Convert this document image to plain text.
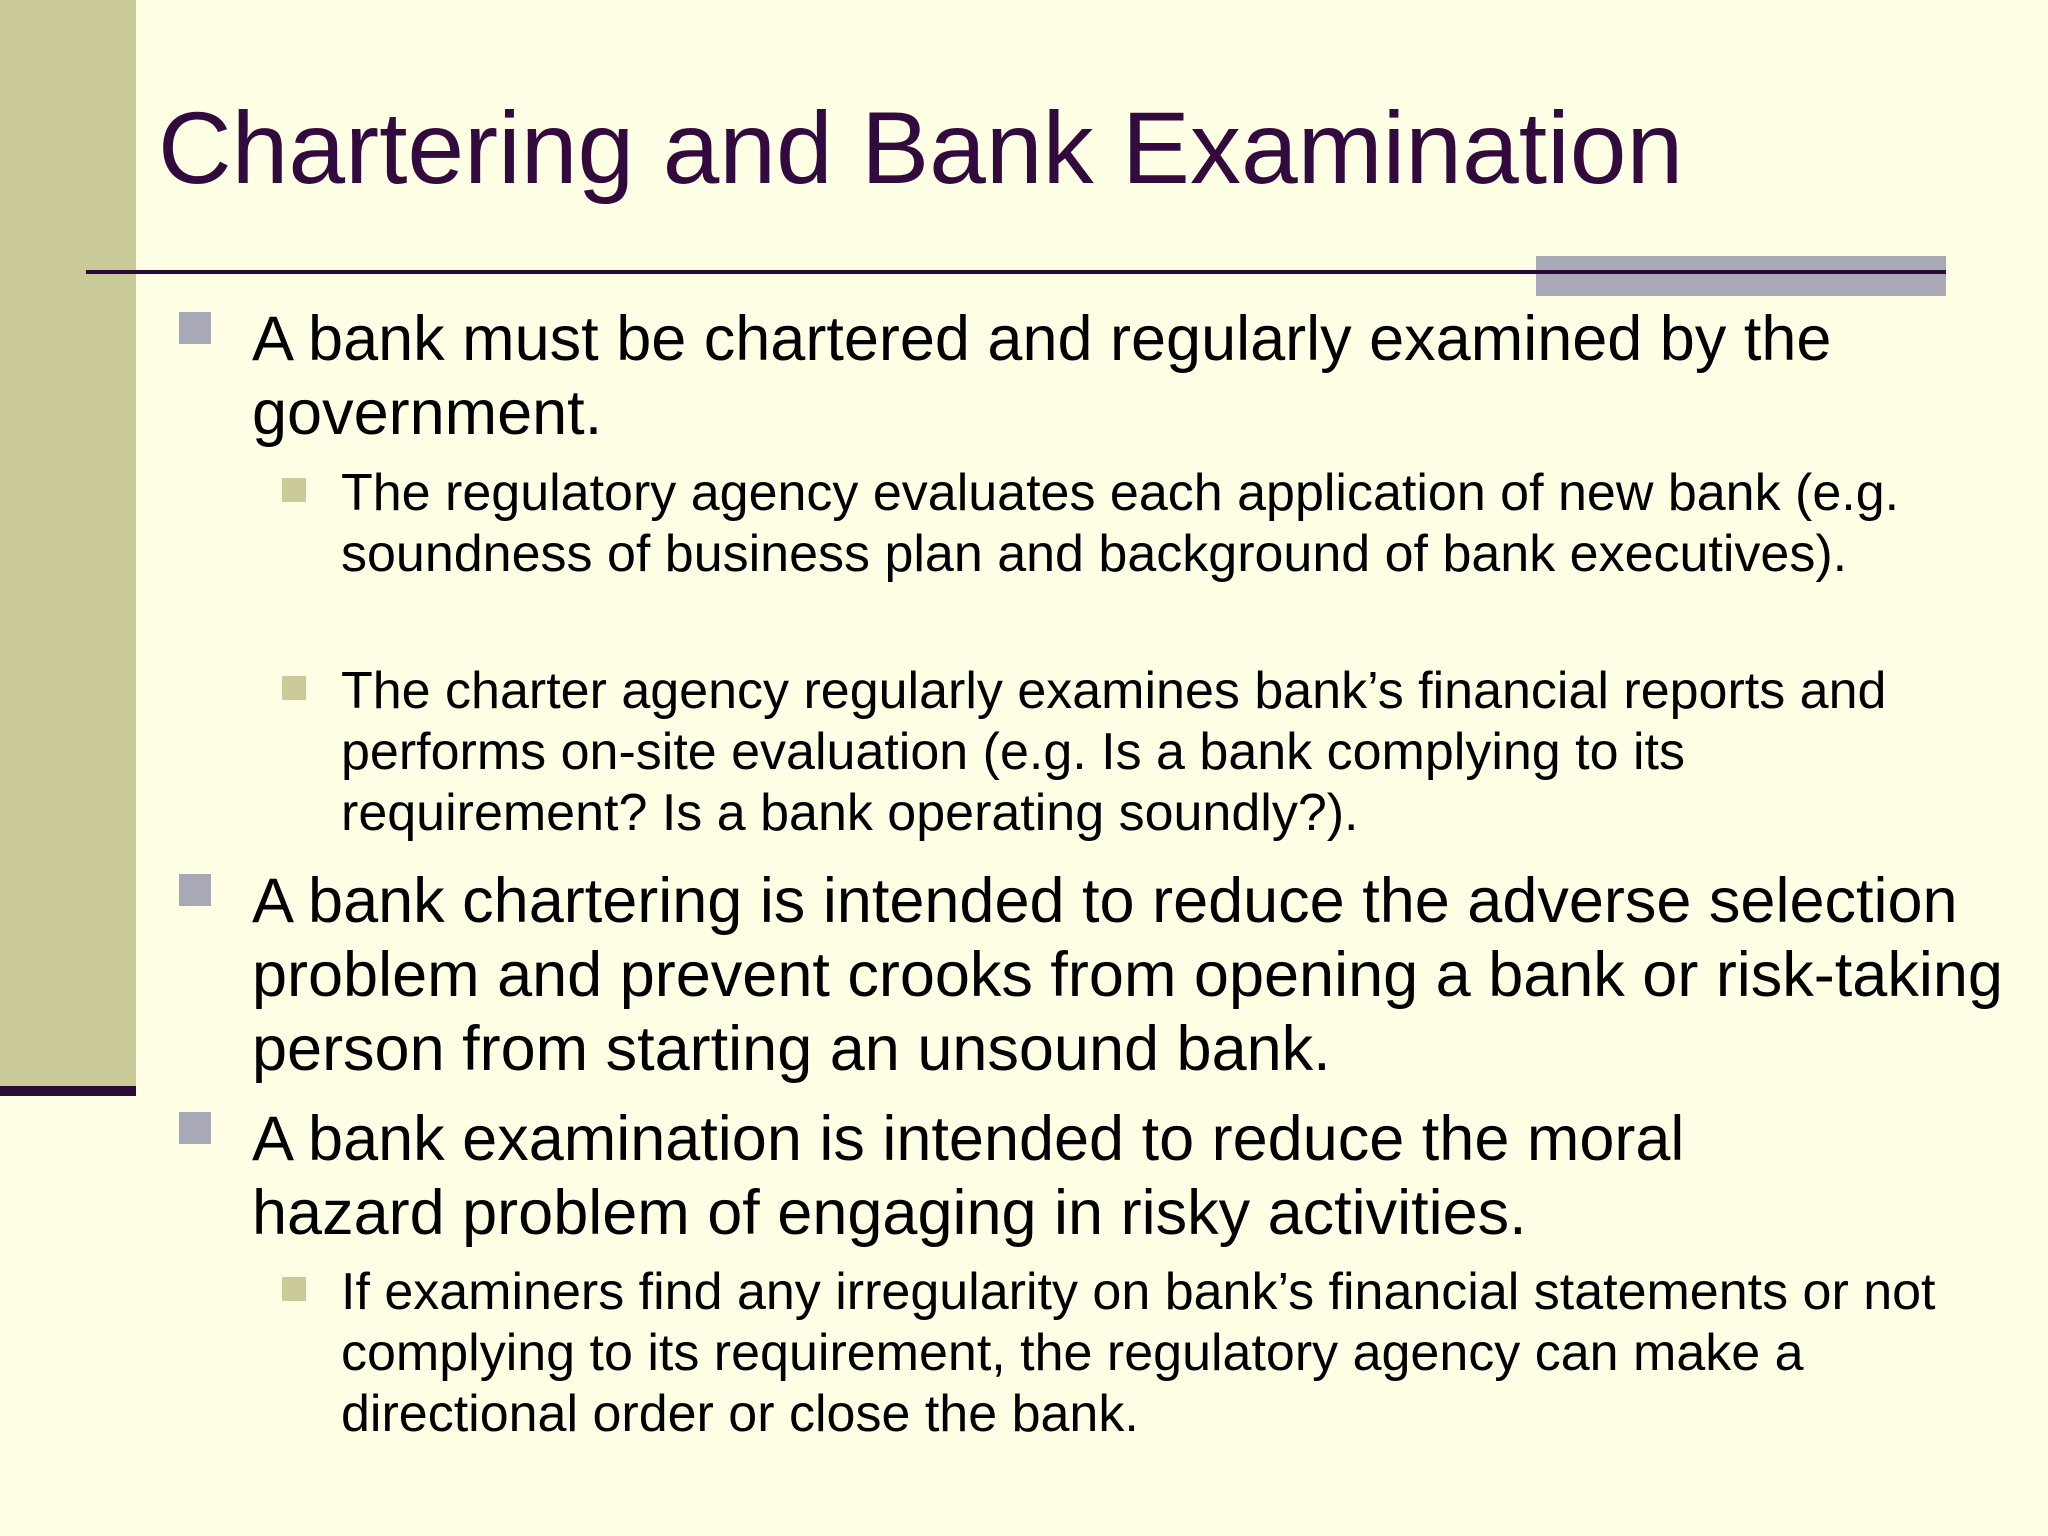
Chartering and Bank Examination
A bank must be chartered and regularly examined by the government.
The regulatory agency evaluates each application of new bank (e.g. soundness of business plan and background of bank executives).
The charter agency regularly examines bank’s financial reports and performs on-site evaluation (e.g. Is a bank complying to its requirement? Is a bank operating soundly?).
A bank chartering is intended to reduce the adverse selection problem and prevent crooks from opening a bank or risk-taking person from starting an unsound bank.
A bank examination is intended to reduce the moral hazard problem of engaging in risky activities.
If examiners find any irregularity on bank’s financial statements or not complying to its requirement, the regulatory agency can make a directional order or close the bank.
